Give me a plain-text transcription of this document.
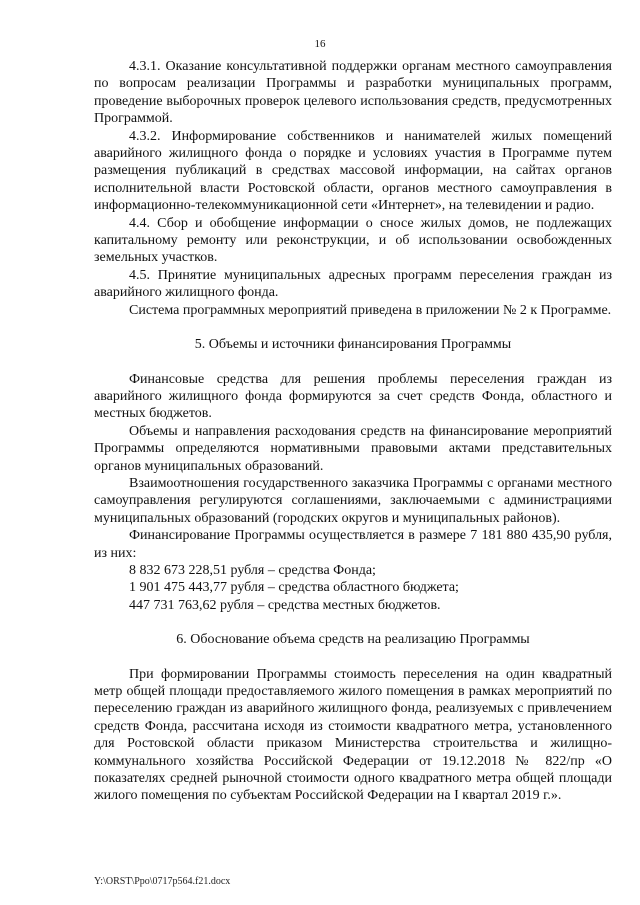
16

4.3.1. Оказание консультативной поддержки органам местного самоуправления по вопросам реализации Программы и разработки муниципальных программ, проведение выборочных проверок целевого использования средств, предусмотренных Программой.

4.3.2. Информирование собственников и нанимателей жилых помещений аварийного жилищного фонда о порядке и условиях участия в Программе путем размещения публикаций в средствах массовой информации, на сайтах органов исполнительной власти Ростовской области, органов местного самоуправления в информационно-телекоммуникационной сети «Интернет», на телевидении и радио.

4.4. Сбор и обобщение информации о сносе жилых домов, не подлежащих капитальному ремонту или реконструкции, и об использовании освобожденных земельных участков.

4.5. Принятие муниципальных адресных программ переселения граждан из аварийного жилищного фонда.

Система программных мероприятий приведена в приложении № 2 к Программе.

5. Объемы и источники финансирования Программы

Финансовые средства для решения проблемы переселения граждан из аварийного жилищного фонда формируются за счет средств Фонда, областного и местных бюджетов.

Объемы и направления расходования средств на финансирование мероприятий Программы определяются нормативными правовыми актами представительных органов муниципальных образований.

Взаимоотношения государственного заказчика Программы с органами местного самоуправления регулируются соглашениями, заключаемыми с администрациями муниципальных образований (городских округов и муниципальных районов).

Финансирование Программы осуществляется в размере 7 181 880 435,90 рубля, из них:

8 832 673 228,51 рубля – средства Фонда;

1 901 475 443,77 рубля – средства областного бюджета;

447 731 763,62 рубля – средства местных бюджетов.

6. Обоснование объема средств на реализацию Программы

При формировании Программы стоимость переселения на один квадратный метр общей площади предоставляемого жилого помещения в рамках мероприятий по переселению граждан из аварийного жилищного фонда, реализуемых с привлечением средств Фонда, рассчитана исходя из стоимости квадратного метра, установленного для Ростовской области приказом Министерства строительства и жилищно-коммунального хозяйства Российской Федерации от 19.12.2018 № 822/пр «О показателях средней рыночной стоимости одного квадратного метра общей площади жилого помещения по субъектам Российской Федерации на I квартал 2019 г.».

Y:\ORST\Ppo\0717p564.f21.docx
